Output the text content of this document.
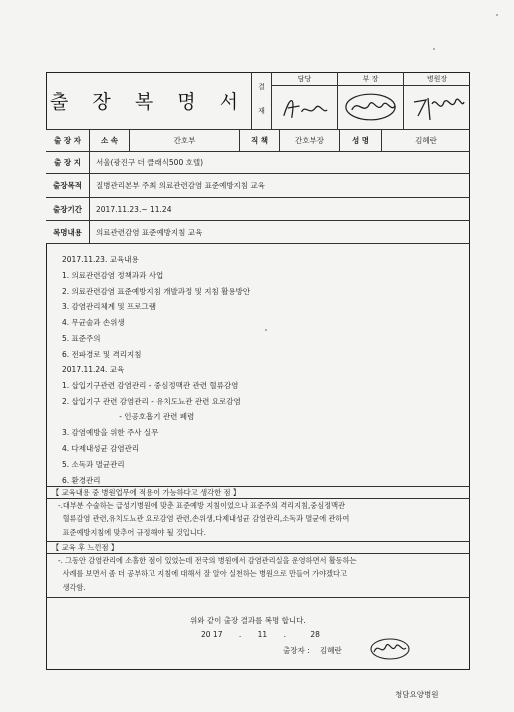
출 장 복 명 서
결
재
담당	부 장	병원장
출 장 자	소 속	간호부	직 책	간호부장	성 명	김혜란
출 장 지	서울(광진구 더 클래식500 호텔)
출장목적	질병관리본부 주최 의료관련감염 표준예방지침 교육
출장기간	2017.11.23.~ 11.24
복명내용	의료관련감염 표준예방지침 교육
2017.11.23. 교육내용
1. 의료관련감염 정책과과 사업
2. 의료관련감염 표준예방지침 개발과정 및 지침 활용방안
3. 감염관리체계 및 프로그램
4. 무균술과 손위생
5. 표준주의
6. 전파경로 및 격리지침
2017.11.24. 교육
1. 삽입기구관련 감염관리 - 중심정맥관 관련 혈류감염
2. 삽입기구 관련 감염관리 - 유치도뇨관 관련 요로감염
- 인공호흡기 관련 폐렴
3. 감염예방을 위한 주사 실무
4. 다제내성균 감염관리
5. 소독과 멸균관리
6. 환경관리
【 교육내용 중 병원업무에 적용이 가능하다고 생각한 점 】
-.대부분 수술하는 급성기병원에 맞춘 표준예방 지침이었으나 표준주의 격리지침,중심정맥관
혈류감염 관련,유치도뇨관 요로감염 관련,손위생,다제내성균 감염관리,소독과 멸균에 관하여
표준예방지침에 맞추어 규정해야 될 것입니다.
【 교육 후 느낀점 】
-. 그동안 감염관리에 소홀한 점이 있었는데 전국의 병원에서 감염관리실을 운영하면서 활동하는
사례를 보면서 좀 더 공부하고 지침에 대해서 잘 알아 실천하는 병원으로 만들어 가야겠다고
생각함.
위와 같이 출장 결과를 복명 합니다.
20 17 . 11 .	28
출장자 : 김혜란
청담요양병원
